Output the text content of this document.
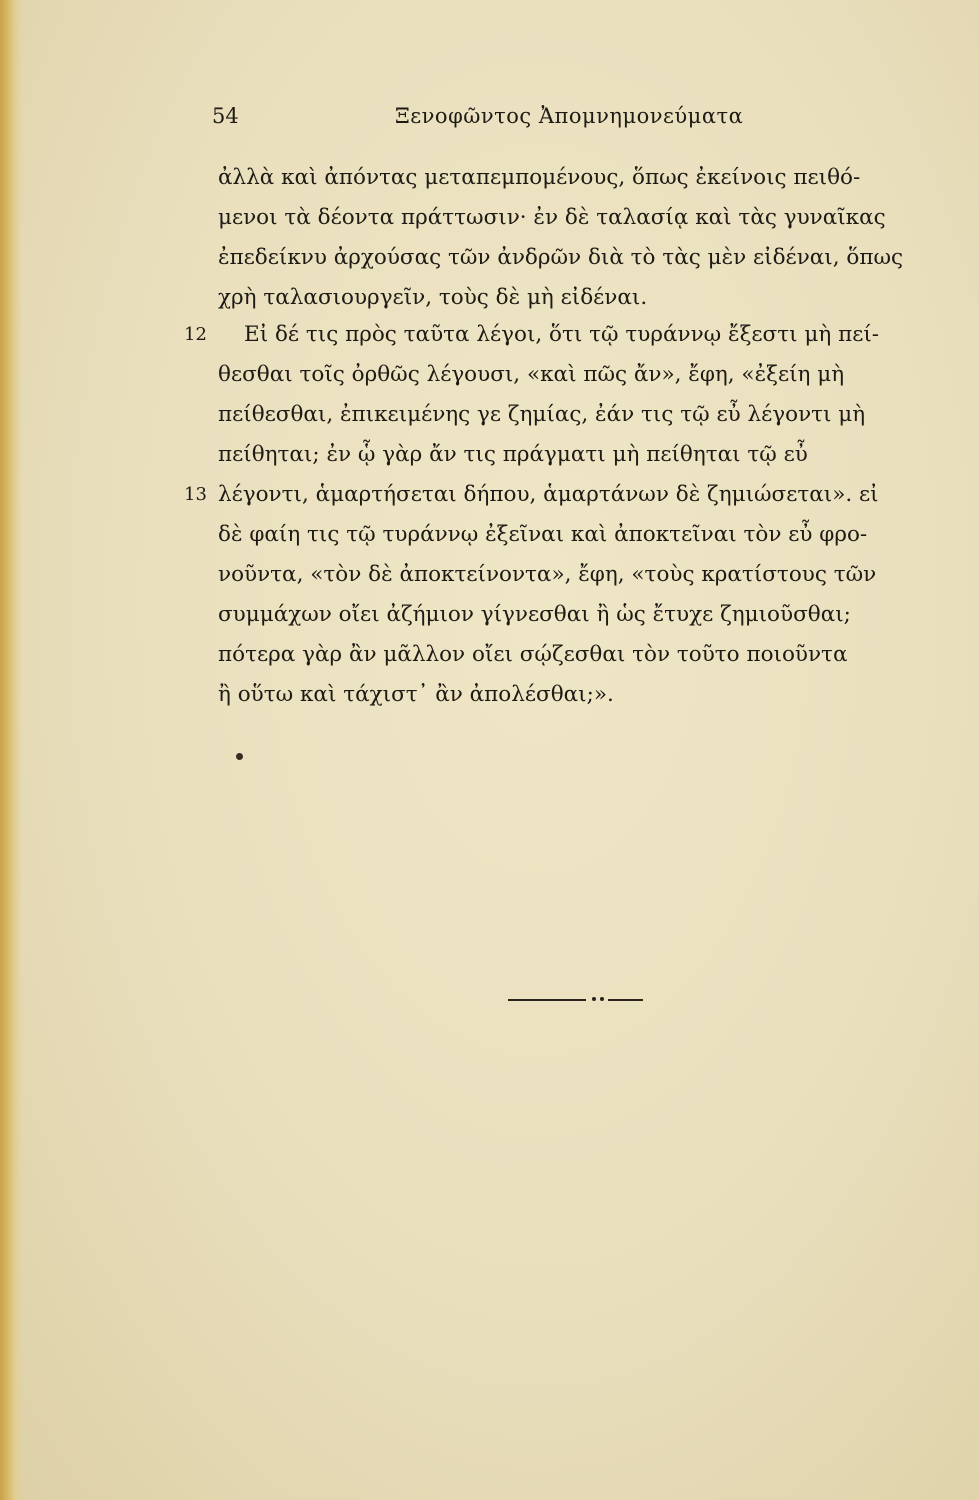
54	Ξενοφῶντος Ἀπομνημονεύματα
12
13
ἀλλὰ καὶ ἀπόντας μεταπεμπομένους, ὅπως ἐκείνοις πειθό-
μενοι τὰ δέοντα πράττωσιν· ἐν δὲ ταλασίᾳ καὶ τὰς γυναῖκας
ἐπεδείκνυ ἀρχούσας τῶν ἀνδρῶν διὰ τὸ τὰς μὲν εἰδέναι, ὅπως
χρὴ ταλασιουργεῖν, τοὺς δὲ μὴ εἰδέναι.
Εἰ δέ τις πρὸς ταῦτα λέγοι, ὅτι τῷ τυράννῳ ἔξεστι μὴ πεί-
θεσθαι τοῖς ὀρθῶς λέγουσι, «καὶ πῶς ἄν», ἔφη, «ἐξείη μὴ
πείθεσθαι, ἐπικειμένης γε ζημίας, ἐάν τις τῷ εὖ λέγοντι μὴ
πείθηται; ἐν ᾧ γὰρ ἄν τις πράγματι μὴ πείθηται τῷ εὖ
λέγοντι, ἁμαρτήσεται δήπου, ἁμαρτάνων δὲ ζημιώσεται». εἰ
δὲ φαίη τις τῷ τυράννῳ ἐξεῖναι καὶ ἀποκτεῖναι τὸν εὖ φρο-
νοῦντα, «τὸν δὲ ἀποκτείνοντα», ἔφη, «τοὺς κρατίστους τῶν
συμμάχων οἴει ἀζήμιον γίγνεσθαι ἢ ὡς ἔτυχε ζημιοῦσθαι;
πότερα γὰρ ἂν μᾶλλον οἴει σῴζεσθαι τὸν τοῦτο ποιοῦντα
ἢ οὕτω καὶ τάχιστ᾽ ἂν ἀπολέσθαι;».
